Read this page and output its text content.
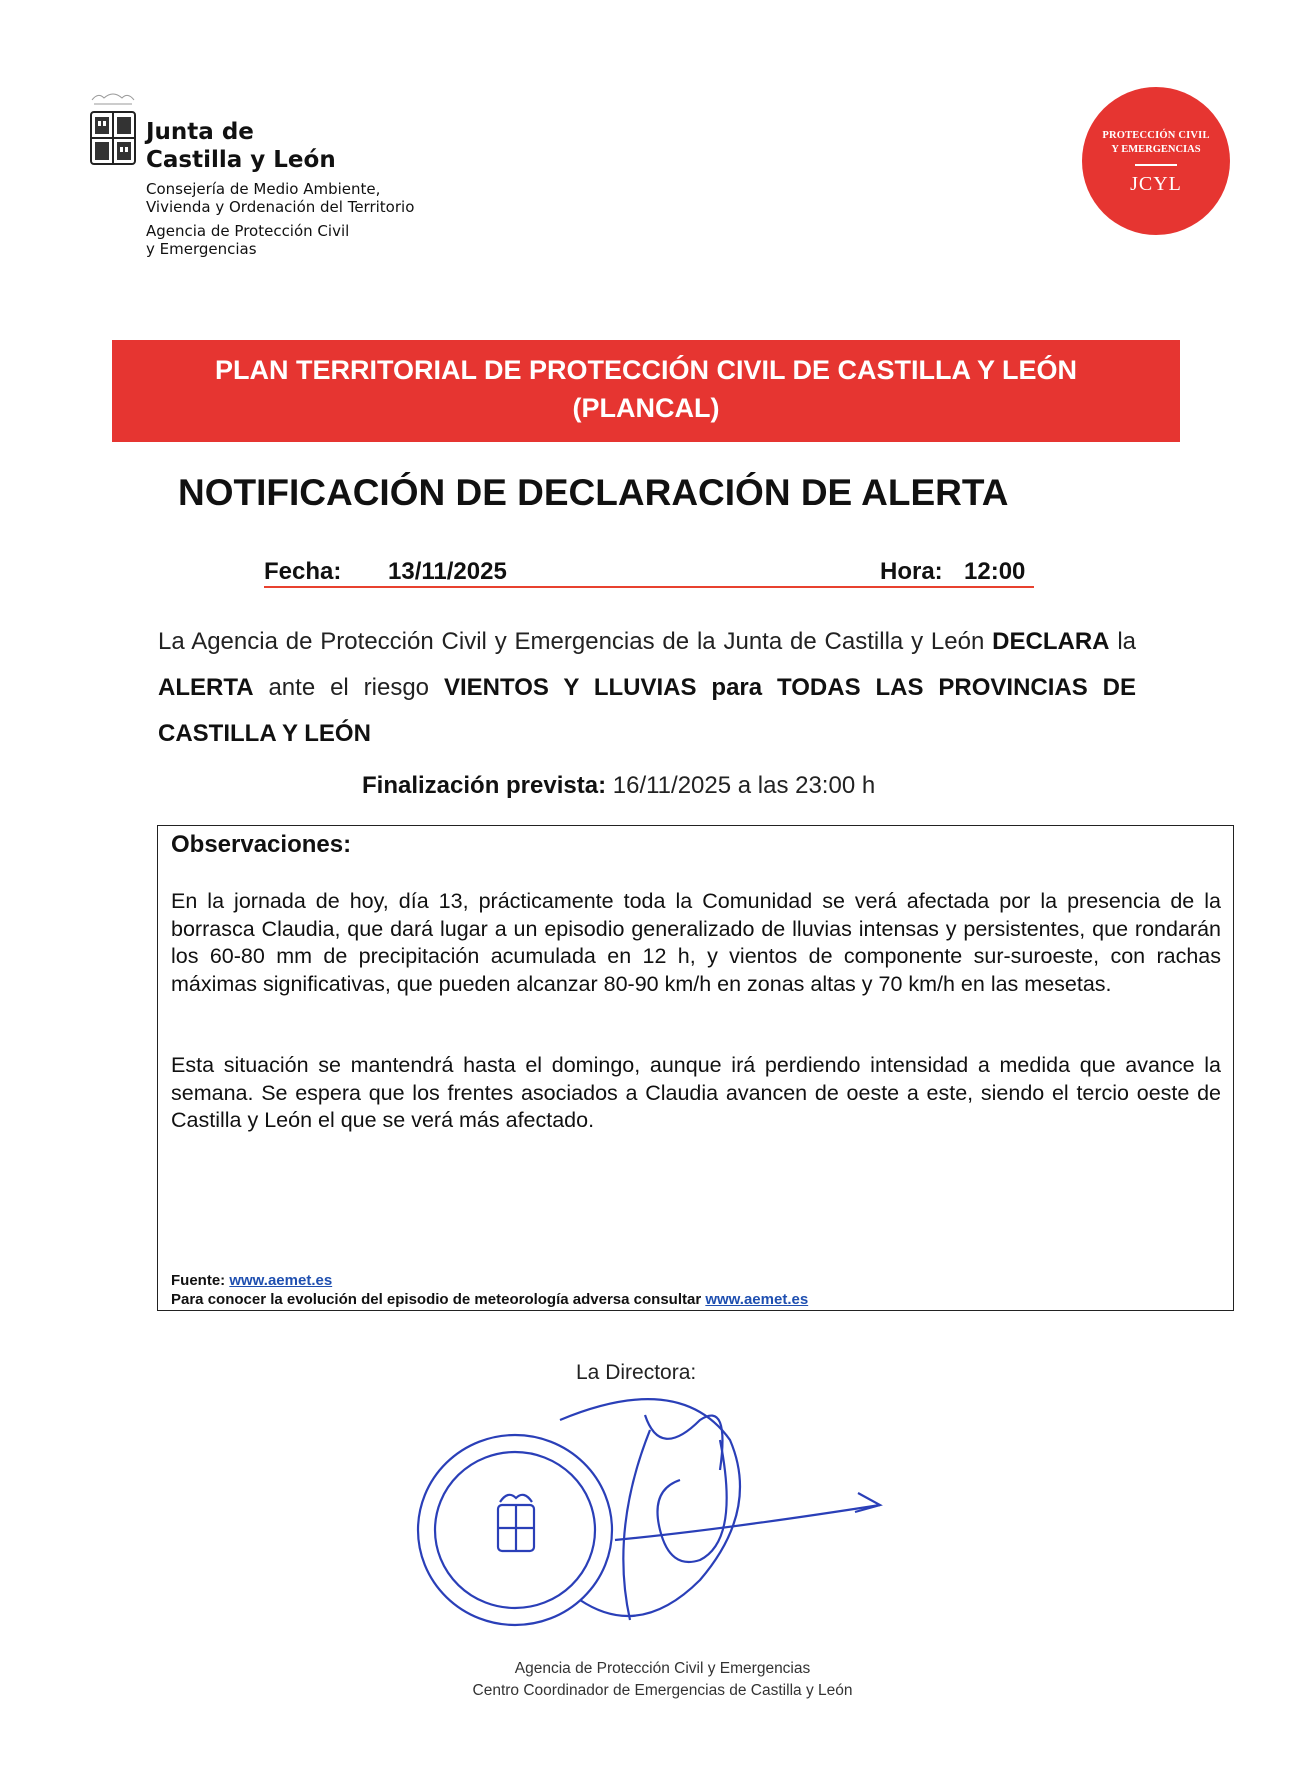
Junta de
Castilla y León
Consejería de Medio Ambiente,
Vivienda y Ordenación del Territorio
Agencia de Protección Civil
y Emergencias
PROTECCIÓN CIVIL
Y EMERGENCIAS
JCYL
PLAN TERRITORIAL DE PROTECCIÓN CIVIL DE CASTILLA Y LEÓN
(PLANCAL)
NOTIFICACIÓN DE DECLARACIÓN DE ALERTA
Fecha: 13/11/2025	Hora: 12:00
La Agencia de Protección Civil y Emergencias de la Junta de Castilla y León DECLARA la ALERTA ante el riesgo VIENTOS Y LLUVIAS para TODAS LAS PROVINCIAS DE CASTILLA Y LEÓN
Finalización prevista: 16/11/2025 a las 23:00 h
Observaciones:
En la jornada de hoy, día 13, prácticamente toda la Comunidad se verá afectada por la presencia de la borrasca Claudia, que dará lugar a un episodio generalizado de lluvias intensas y persistentes, que rondarán los 60-80 mm de precipitación acumulada en 12 h, y vientos de componente sur-suroeste, con rachas máximas significativas, que pueden alcanzar 80-90 km/h en zonas altas y 70 km/h en las mesetas.
Esta situación se mantendrá hasta el domingo, aunque irá perdiendo intensidad a medida que avance la semana. Se espera que los frentes asociados a Claudia avancen de oeste a este, siendo el tercio oeste de Castilla y León el que se verá más afectado.
Fuente: www.aemet.es
Para conocer la evolución del episodio de meteorología adversa consultar www.aemet.es
La Directora:
Agencia de Protección Civil y Emergencias
Centro Coordinador de Emergencias de Castilla y León
